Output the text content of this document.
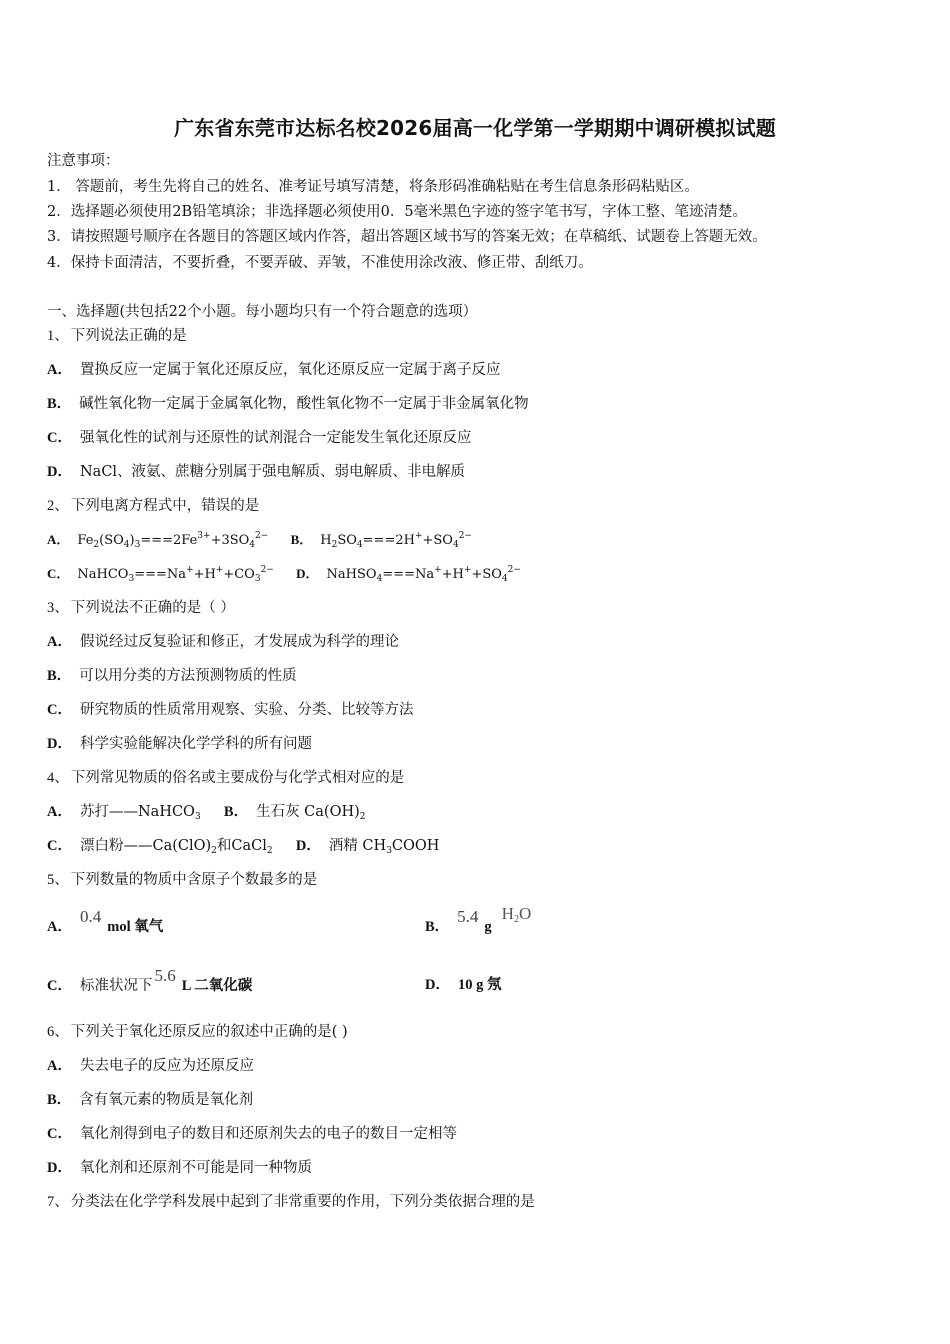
广东省东莞市达标名校2026届高一化学第一学期期中调研模拟试题
注意事项：
1． 答题前，考生先将自己的姓名、准考证号填写清楚，将条形码准确粘贴在考生信息条形码粘贴区。
2．选择题必须使用2B铅笔填涂；非选择题必须使用0．5毫米黑色字迹的签字笔书写，字体工整、笔迹清楚。
3．请按照题号顺序在各题目的答题区域内作答，超出答题区域书写的答案无效；在草稿纸、试题卷上答题无效。
4．保持卡面清洁，不要折叠，不要弄破、弄皱，不准使用涂改液、修正带、刮纸刀。
一、选择题(共包括22个小题。每小题均只有一个符合题意的选项）
1、 下列说法正确的是
A． 置换反应一定属于氧化还原反应，氧化还原反应一定属于离子反应
B． 碱性氧化物一定属于金属氧化物，酸性氧化物不一定属于非金属氧化物
C． 强氧化性的试剂与还原性的试剂混合一定能发生氧化还原反应
D． NaCl、液氨、蔗糖分别属于强电解质、弱电解质、非电解质
2、 下列电离方程式中，错误的是
A． $Fe_2(SO_4)_3===2Fe^{3+}+3SO_4^{2-}$ B． $H_2SO_4===2H^++SO_4^{2-}$
C． $NaHCO_3===Na^++H^++CO_3^{2-}$ D． $NaHSO_4===Na^++H^++SO_4^{2-}$
3、 下列说法不正确的是（ ）
A． 假说经过反复验证和修正，才发展成为科学的理论
B． 可以用分类的方法预测物质的性质
C． 研究物质的性质常用观察、实验、分类、比较等方法
D． 科学实验能解决化学学科的所有问题
4、 下列常见物质的俗名或主要成份与化学式相对应的是
A． 苏打——NaHCO$_3$ B． 生石灰 $Ca(OH)_2$
C． 漂白粉$——Ca(ClO)_2$和CaCl$_2$ D． 酒精 $CH_3COOH$
5、 下列数量的物质中含原子个数最多的是
A．0.4mol 氧气	B．$5.4gH_2O$
C． 标准状况下5.6L 二氧化碳	D． 10 g 氖
6、 下列关于氧化还原反应的叙述中正确的是( )
A． 失去电子的反应为还原反应
B． 含有氧元素的物质是氧化剂
C． 氧化剂得到电子的数目和还原剂失去的电子的数目一定相等
D． 氧化剂和还原剂不可能是同一种物质
7、 分类法在化学学科发展中起到了非常重要的作用，下列分类依据合理的是
